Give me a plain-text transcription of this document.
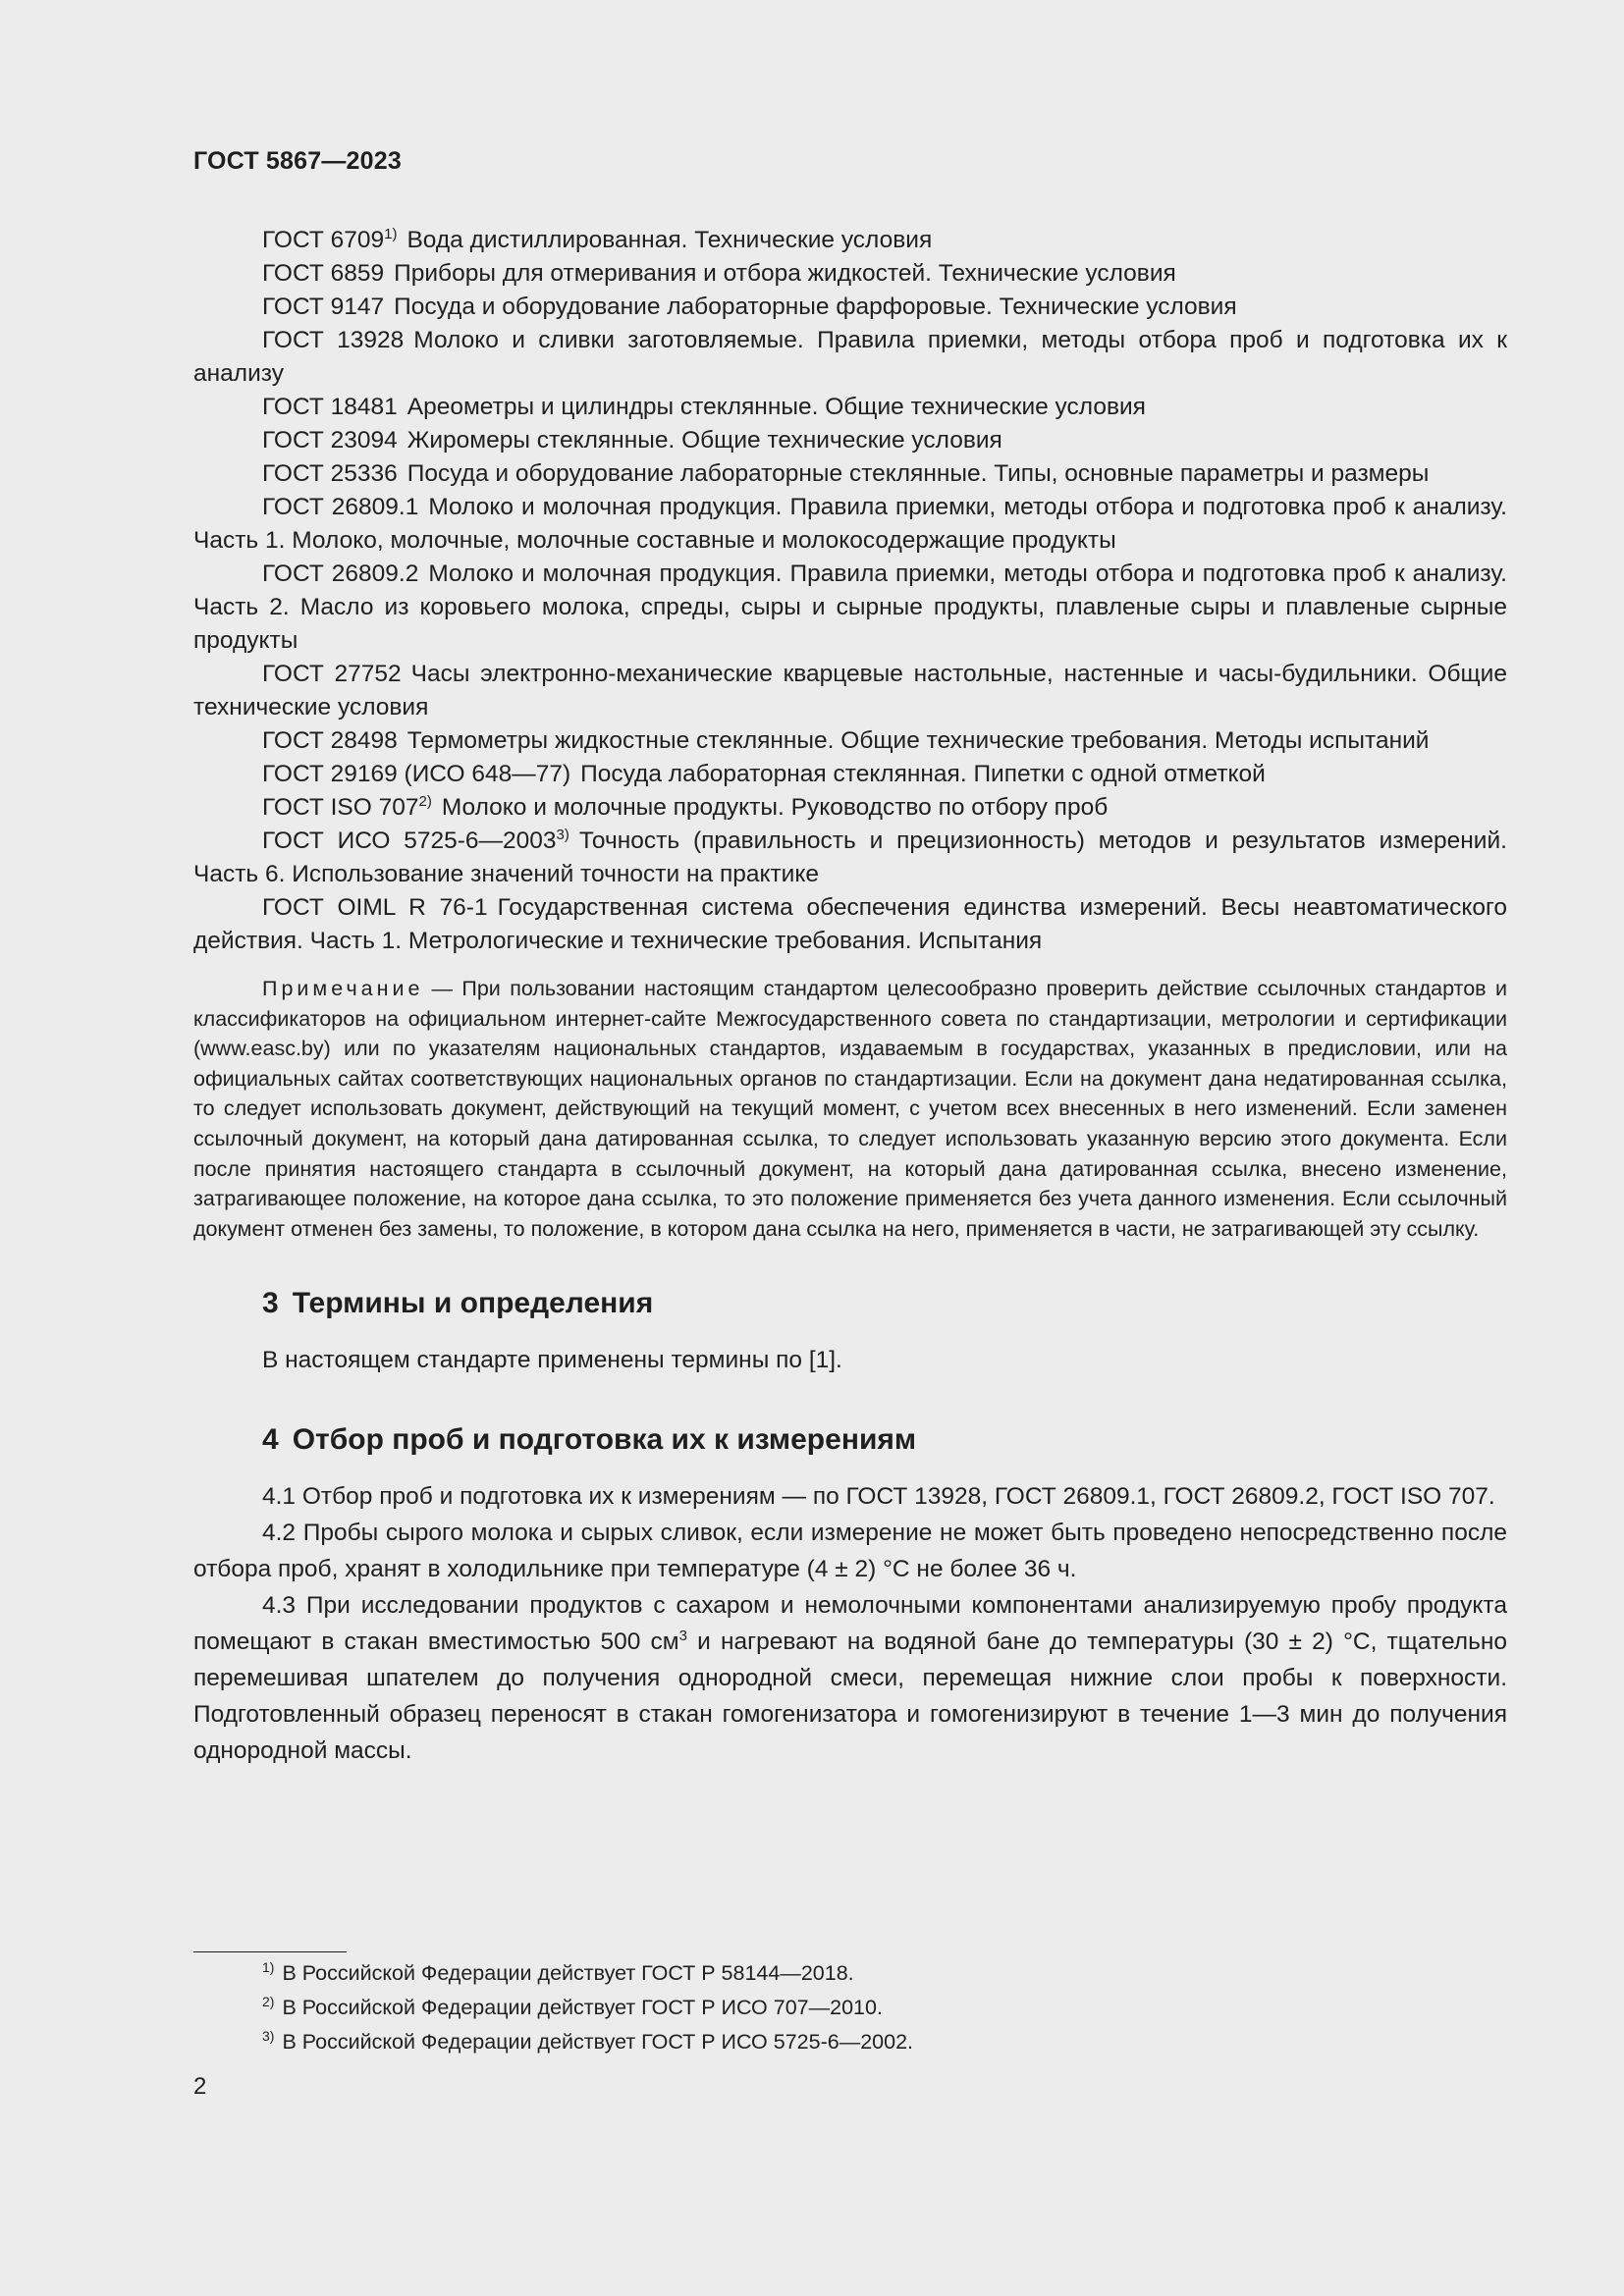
ГОСТ 5867—2023

ГОСТ 6709$^{1)}$ Вода дистиллированная. Технические условия

ГОСТ 6859 Приборы для отмеривания и отбора жидкостей. Технические условия

ГОСТ 9147 Посуда и оборудование лабораторные фарфоровые. Технические условия

ГОСТ 13928 Молоко и сливки заготовляемые. Правила приемки, методы отбора проб и подготовка их к анализу

ГОСТ 18481 Ареометры и цилиндры стеклянные. Общие технические условия

ГОСТ 23094 Жиромеры стеклянные. Общие технические условия

ГОСТ 25336 Посуда и оборудование лабораторные стеклянные. Типы, основные параметры и размеры

ГОСТ 26809.1 Молоко и молочная продукция. Правила приемки, методы отбора и подготовка проб к анализу. Часть 1. Молоко, молочные, молочные составные и молокосодержащие продукты

ГОСТ 26809.2 Молоко и молочная продукция. Правила приемки, методы отбора и подготовка проб к анализу. Часть 2. Масло из коровьего молока, спреды, сыры и сырные продукты, плавленые сыры и плавленые сырные продукты

ГОСТ 27752 Часы электронно-механические кварцевые настольные, настенные и часы-будильники. Общие технические условия

ГОСТ 28498 Термометры жидкостные стеклянные. Общие технические требования. Методы испытаний

ГОСТ 29169 (ИСО 648—77) Посуда лабораторная стеклянная. Пипетки с одной отметкой

ГОСТ ISO 707$^{2)}$ Молоко и молочные продукты. Руководство по отбору проб

ГОСТ ИСО 5725-6—2003$^{3)}$ Точность (правильность и прецизионность) методов и результатов измерений. Часть 6. Использование значений точности на практике

ГОСТ OIML R 76-1 Государственная система обеспечения единства измерений. Весы неавтоматического действия. Часть 1. Метрологические и технические требования. Испытания

Примечание — При пользовании настоящим стандартом целесообразно проверить действие ссылочных стандартов и классификаторов на официальном интернет-сайте Межгосударственного совета по стандартизации, метрологии и сертификации (www.easc.by) или по указателям национальных стандартов, издаваемым в государствах, указанных в предисловии, или на официальных сайтах соответствующих национальных органов по стандартизации. Если на документ дана недатированная ссылка, то следует использовать документ, действующий на текущий момент, с учетом всех внесенных в него изменений. Если заменен ссылочный документ, на который дана датированная ссылка, то следует использовать указанную версию этого документа. Если после принятия настоящего стандарта в ссылочный документ, на который дана датированная ссылка, внесено изменение, затрагивающее положение, на которое дана ссылка, то это положение применяется без учета данного изменения. Если ссылочный документ отменен без замены, то положение, в котором дана ссылка на него, применяется в части, не затрагивающей эту ссылку.

3 Термины и определения

В настоящем стандарте применены термины по [1].

4 Отбор проб и подготовка их к измерениям

4.1 Отбор проб и подготовка их к измерениям — по ГОСТ 13928, ГОСТ 26809.1, ГОСТ 26809.2, ГОСТ ISO 707.

4.2 Пробы сырого молока и сырых сливок, если измерение не может быть проведено непосредственно после отбора проб, хранят в холодильнике при температуре (4 ± 2) °С не более 36 ч.

4.3 При исследовании продуктов с сахаром и немолочными компонентами анализируемую пробу продукта помещают в стакан вместимостью 500 $см^3$ и нагревают на водяной бане до температуры (30 ± 2) °С, тщательно перемешивая шпателем до получения однородной смеси, перемещая нижние слои пробы к поверхности. Подготовленный образец переносят в стакан гомогенизатора и гомогенизируют в течение 1—3 мин до получения однородной массы.

$^{1)}$ В Российской Федерации действует ГОСТ Р 58144—2018.

$^{2)}$ В Российской Федерации действует ГОСТ Р ИСО 707—2010.

$^{3)}$ В Российской Федерации действует ГОСТ Р ИСО 5725-6—2002.

2
